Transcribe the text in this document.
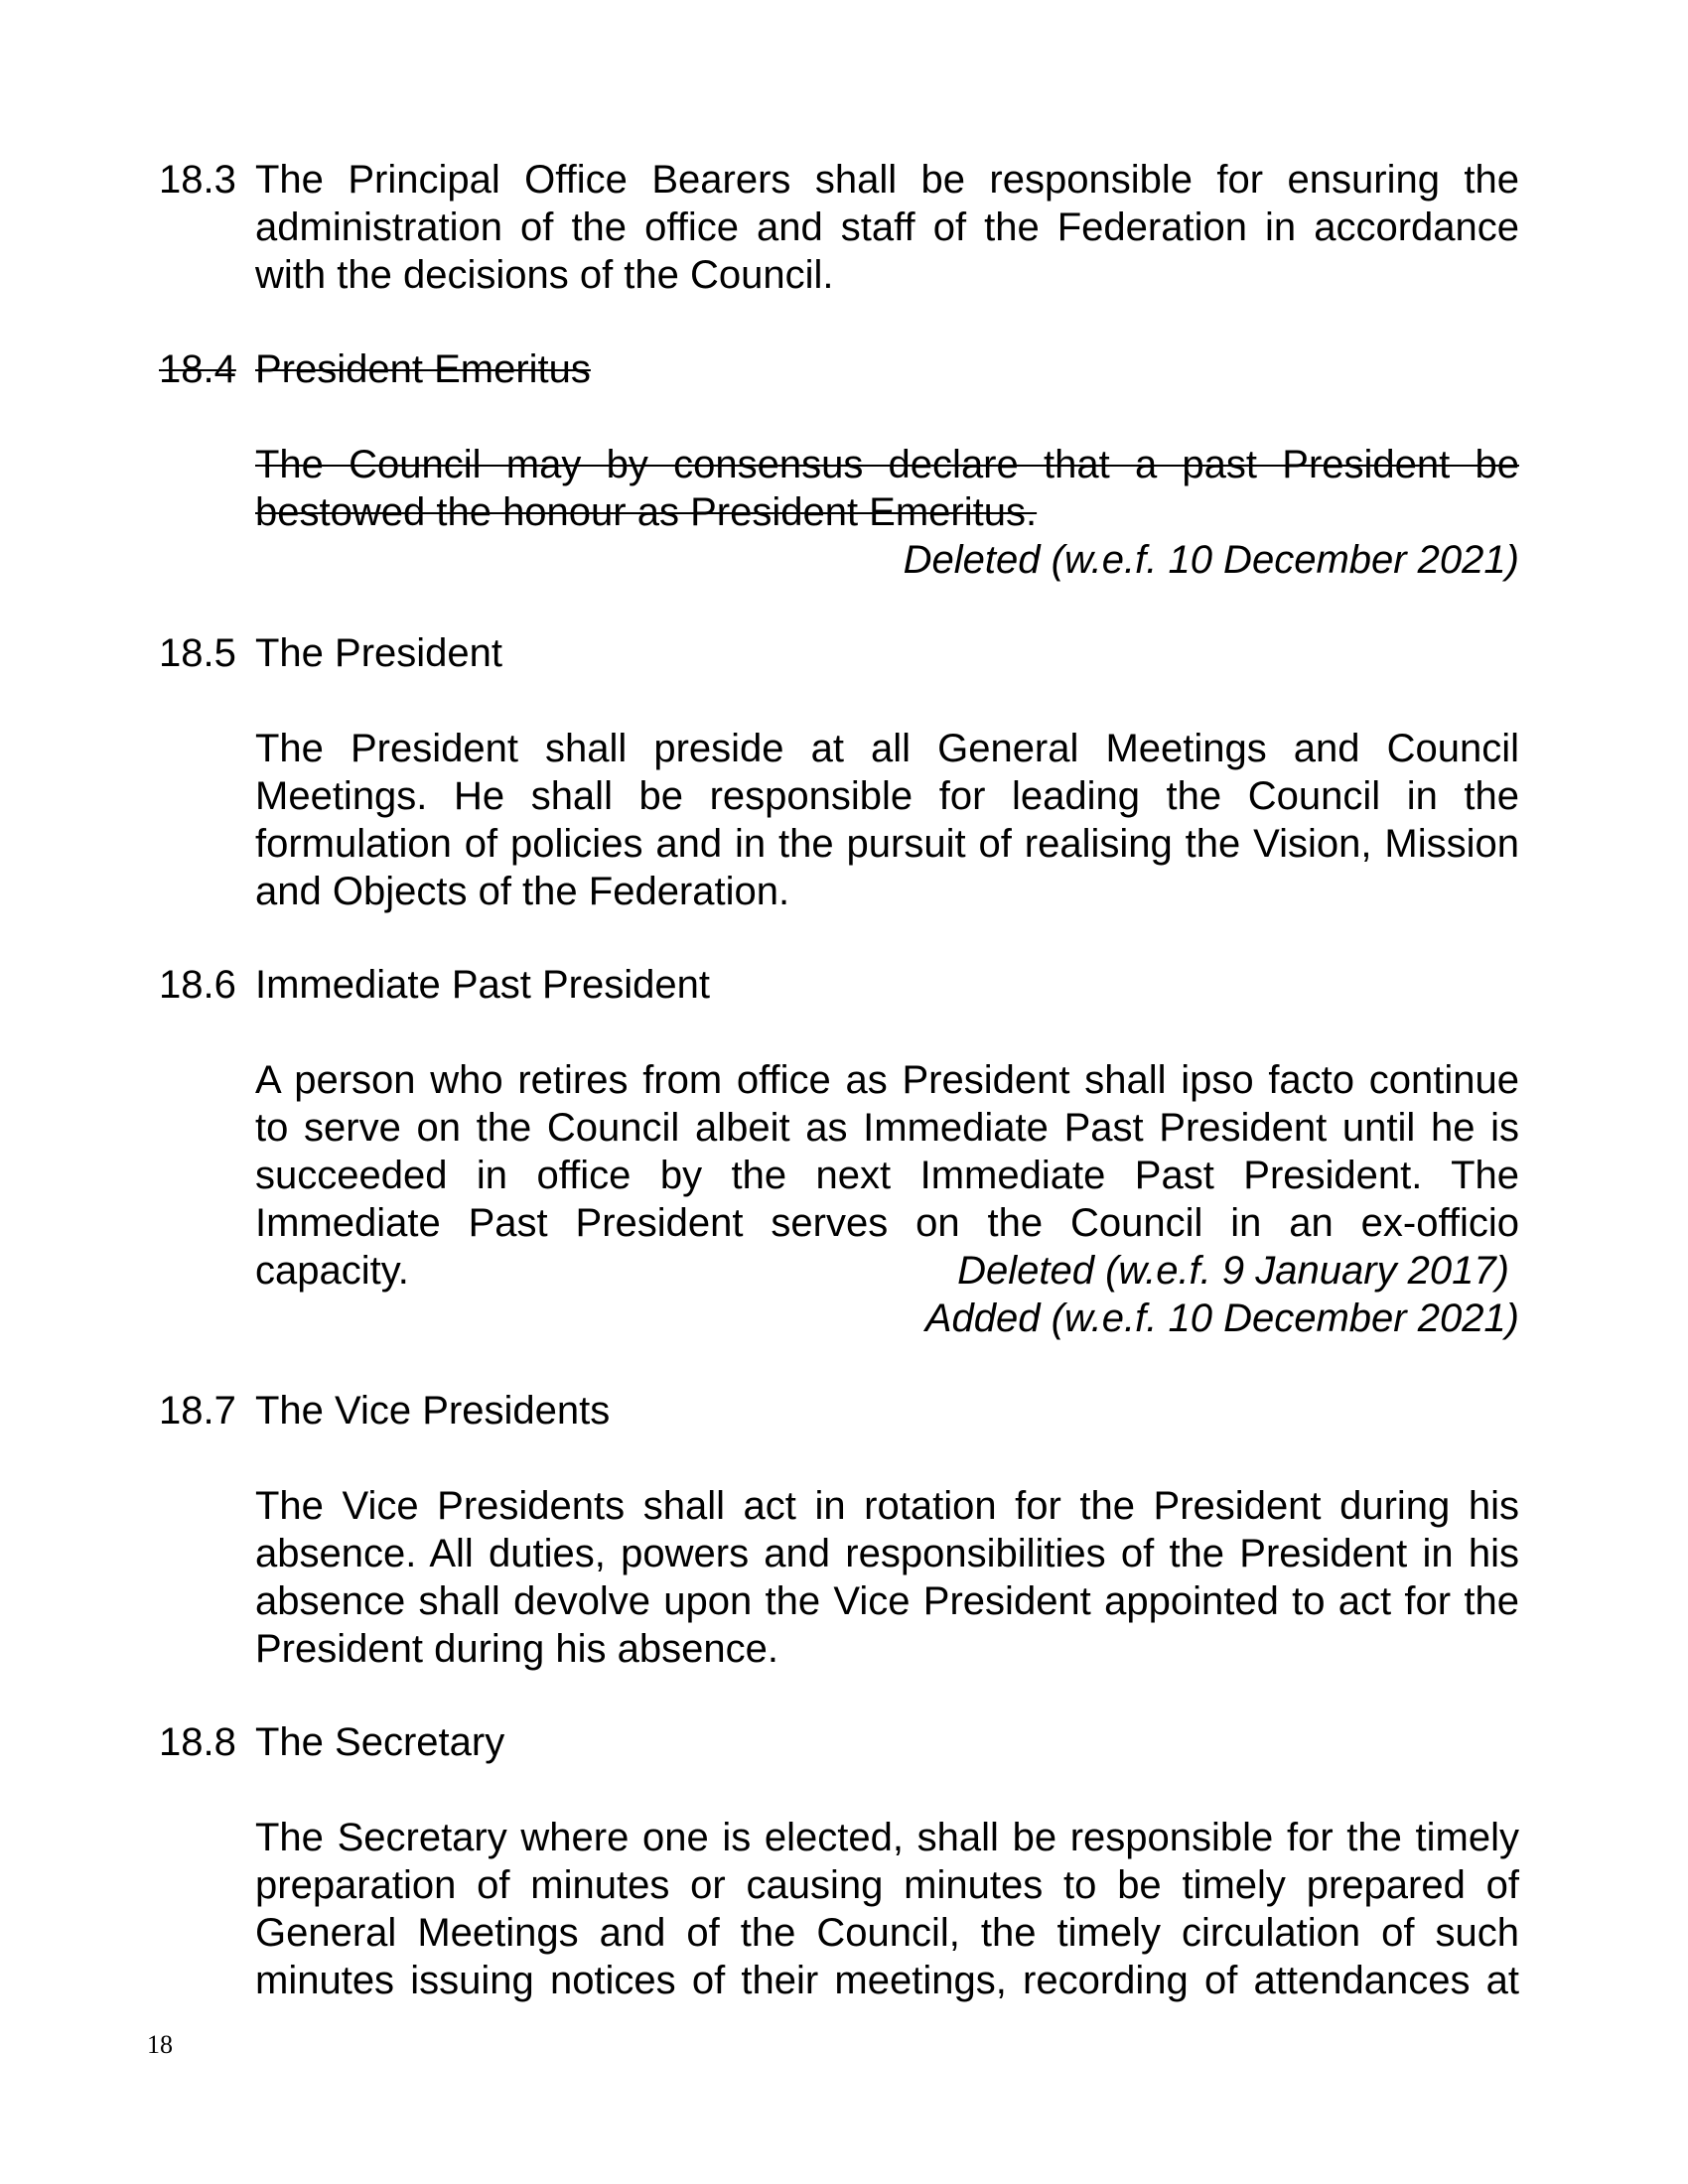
18.3 The Principal Office Bearers shall be responsible for ensuring the administration of the office and staff of the Federation in accordance with the decisions of the Council.
18.4 President Emeritus
The Council may by consensus declare that a past President be bestowed the honour as President Emeritus.
Deleted (w.e.f. 10 December 2021)
18.5 The President
The President shall preside at all General Meetings and Council Meetings. He shall be responsible for leading the Council in the formulation of policies and in the pursuit of realising the Vision, Mission and Objects of the Federation.
18.6 Immediate Past President
A person who retires from office as President shall ipso facto continue to serve on the Council albeit as Immediate Past President until he is succeeded in office by the next Immediate Past President. The Immediate Past President serves on the Council in an ex-officio
capacity.	Deleted (w.e.f. 9 January 2017)
Added (w.e.f. 10 December 2021)
18.7 The Vice Presidents
The Vice Presidents shall act in rotation for the President during his absence. All duties, powers and responsibilities of the President in his absence shall devolve upon the Vice President appointed to act for the President during his absence.
18.8 The Secretary
The Secretary where one is elected, shall be responsible for the timely preparation of minutes or causing minutes to be timely prepared of General Meetings and of the Council, the timely circulation of such minutes issuing notices of their meetings, recording of attendances at
18
